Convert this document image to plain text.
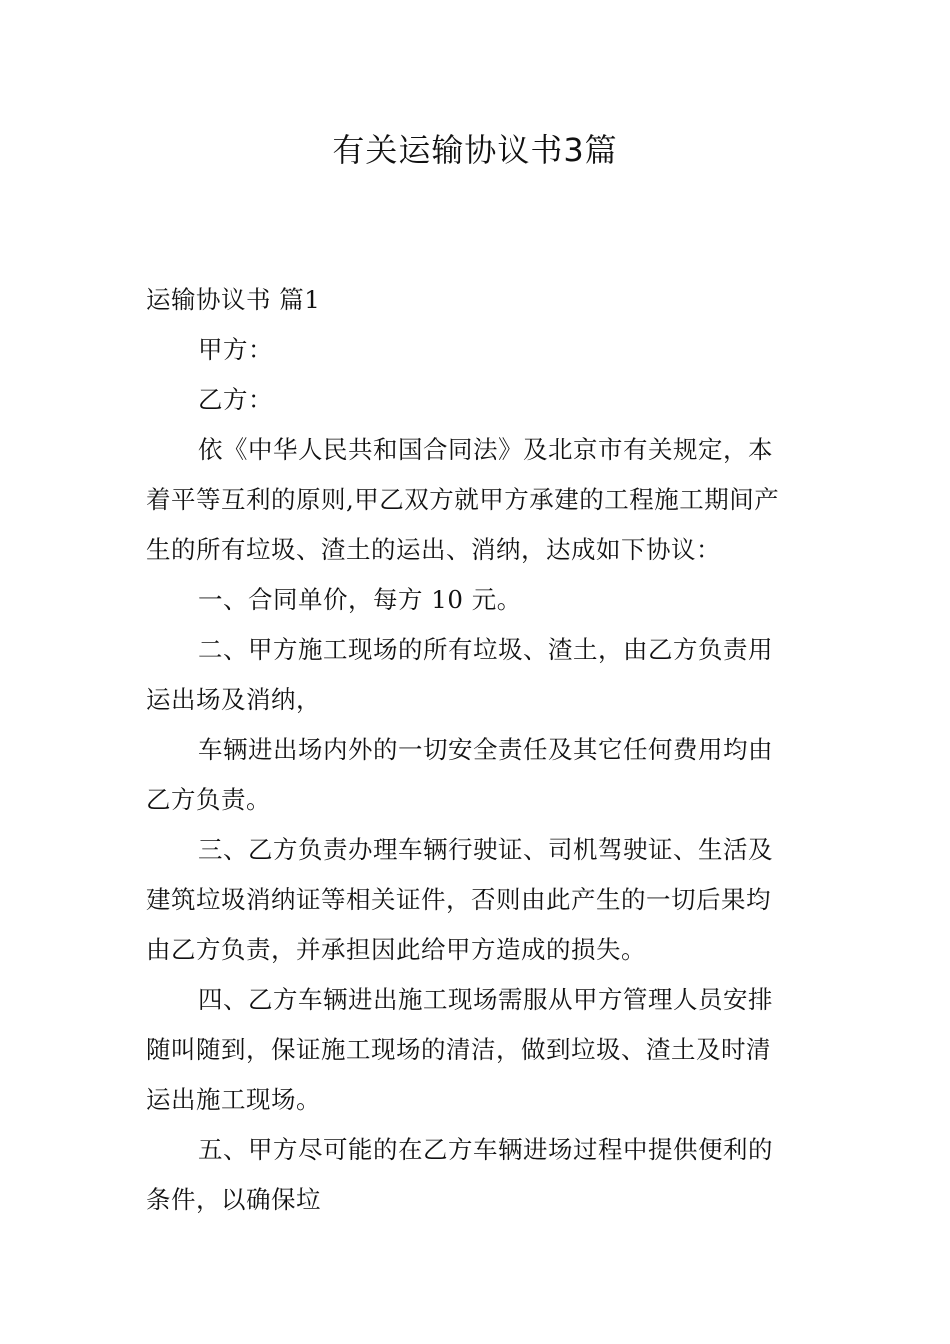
有关运输协议书3篇
运输协议书 篇1
甲方：
乙方：
依《中华人民共和国合同法》及北京市有关规定，本
着平等互利的原则,甲乙双方就甲方承建的工程施工期间产
生的所有垃圾、渣土的运出、消纳，达成如下协议：
一、合同单价，每方 10 元。
二、甲方施工现场的所有垃圾、渣土，由乙方负责用
运出场及消纳，
车辆进出场内外的一切安全责任及其它任何费用均由
乙方负责。
三、乙方负责办理车辆行驶证、司机驾驶证、生活及
建筑垃圾消纳证等相关证件，否则由此产生的一切后果均
由乙方负责，并承担因此给甲方造成的损失。
四、乙方车辆进出施工现场需服从甲方管理人员安排
随叫随到，保证施工现场的清洁，做到垃圾、渣土及时清
运出施工现场。
五、甲方尽可能的在乙方车辆进场过程中提供便利的
条件，以确保垃
